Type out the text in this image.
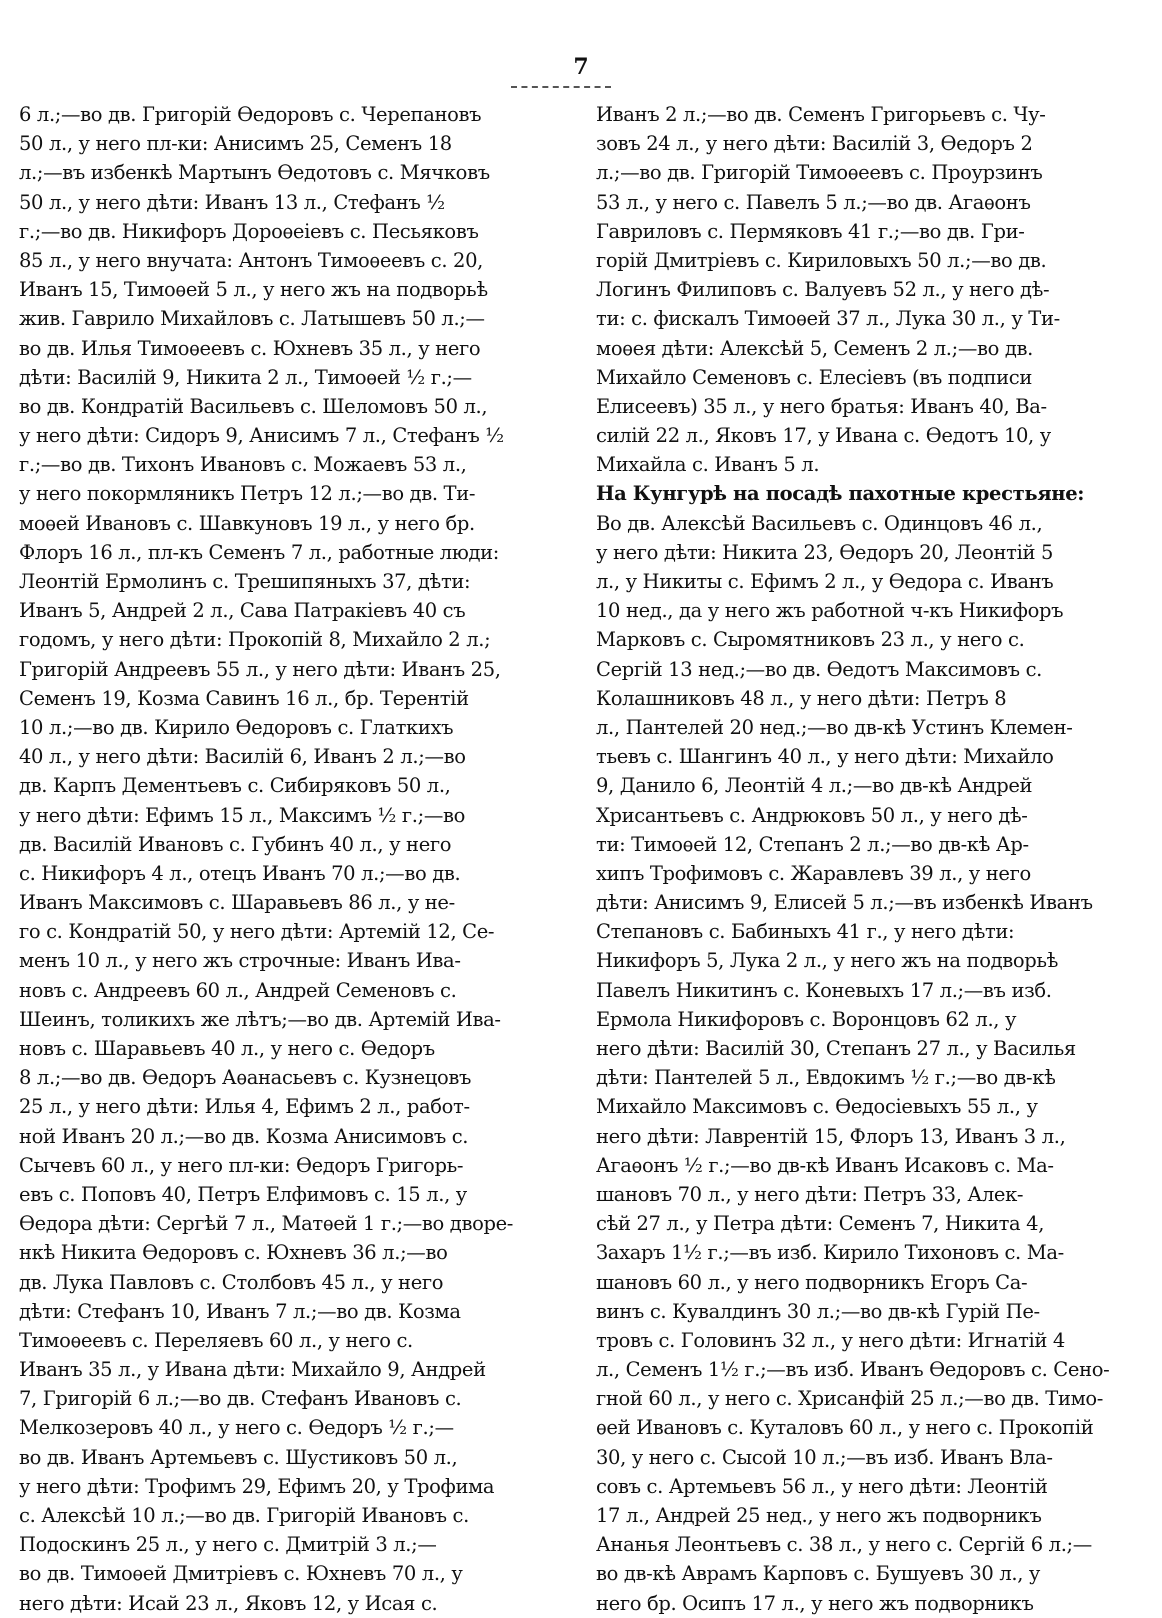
7
6 л.;—во дв. Григорій Ѳедоровъ с. Черепановъ
50 л., у него пл-ки: Анисимъ 25, Семенъ 18
л.;—въ избенкѣ Мартынъ Ѳедотовъ с. Мячковъ
50 л., у него дѣти: Иванъ 13 л., Стефанъ ½
г.;—во дв. Никифоръ Дороѳеіевъ с. Песьяковъ
85 л., у него внучата: Антонъ Тимоѳеевъ с. 20,
Иванъ 15, Тимоѳей 5 л., у него жъ на подворьѣ
жив. Гаврило Михайловъ с. Латышевъ 50 л.;—
во дв. Илья Тимоѳеевъ с. Юхневъ 35 л., у него
дѣти: Василій 9, Никита 2 л., Тимоѳей ½ г.;—
во дв. Кондратій Васильевъ с. Шеломовъ 50 л.,
у него дѣти: Сидоръ 9, Анисимъ 7 л., Стефанъ ½
г.;—во дв. Тихонъ Ивановъ с. Можаевъ 53 л.,
у него покормляникъ Петръ 12 л.;—во дв. Ти-
моѳей Ивановъ с. Шавкуновъ 19 л., у него бр.
Флоръ 16 л., пл-къ Семенъ 7 л., работные люди:
Леонтій Ермолинъ с. Трешипяныхъ 37, дѣти:
Иванъ 5, Андрей 2 л., Сава Патракіевъ 40 съ
годомъ, у него дѣти: Прокопій 8, Михайло 2 л.;
Григорій Андреевъ 55 л., у него дѣти: Иванъ 25,
Семенъ 19, Козма Савинъ 16 л., бр. Терентій
10 л.;—во дв. Кирило Ѳедоровъ с. Глаткихъ
40 л., у него дѣти: Василій 6, Иванъ 2 л.;—во
дв. Карпъ Дементьевъ с. Сибиряковъ 50 л.,
у него дѣти: Ефимъ 15 л., Максимъ ½ г.;—во
дв. Василій Ивановъ с. Губинъ 40 л., у него
с. Никифоръ 4 л., отецъ Иванъ 70 л.;—во дв.
Иванъ Максимовъ с. Шаравьевъ 86 л., у не-
го с. Кондратій 50, у него дѣти: Артемій 12, Се-
менъ 10 л., у него жъ строчные: Иванъ Ива-
новъ с. Андреевъ 60 л., Андрей Семеновъ с.
Шеинъ, толикихъ же лѣтъ;—во дв. Артемій Ива-
новъ с. Шаравьевъ 40 л., у него с. Ѳедоръ
8 л.;—во дв. Ѳедоръ Аѳанасьевъ с. Кузнецовъ
25 л., у него дѣти: Илья 4, Ефимъ 2 л., работ-
ной Иванъ 20 л.;—во дв. Козма Анисимовъ с.
Сычевъ 60 л., у него пл-ки: Ѳедоръ Григорь-
евъ с. Поповъ 40, Петръ Елфимовъ с. 15 л., у
Ѳедора дѣти: Сергѣй 7 л., Матѳей 1 г.;—во дворе-
нкѣ Никита Ѳедоровъ с. Юхневъ 36 л.;—во
дв. Лука Павловъ с. Столбовъ 45 л., у него
дѣти: Стефанъ 10, Иванъ 7 л.;—во дв. Козма
Тимоѳеевъ с. Переляевъ 60 л., у него с.
Иванъ 35 л., у Ивана дѣти: Михайло 9, Андрей
7, Григорій 6 л.;—во дв. Стефанъ Ивановъ с.
Мелкозеровъ 40 л., у него с. Ѳедоръ ½ г.;—
во дв. Иванъ Артемьевъ с. Шустиковъ 50 л.,
у него дѣти: Трофимъ 29, Ефимъ 20, у Трофима
с. Алексѣй 10 л.;—во дв. Григорій Ивановъ с.
Подоскинъ 25 л., у него с. Дмитрій 3 л.;—
во дв. Тимоѳей Дмитріевъ с. Юхневъ 70 л., у
него дѣти: Исай 23 л., Яковъ 12, у Исая с.
Иванъ 2 л.;—во дв. Семенъ Григорьевъ с. Чу-
зовъ 24 л., у него дѣти: Василій 3, Ѳедоръ 2
л.;—во дв. Григорій Тимоѳеевъ с. Проурзинъ
53 л., у него с. Павелъ 5 л.;—во дв. Агаѳонъ
Гавриловъ с. Пермяковъ 41 г.;—во дв. Гри-
горій Дмитріевъ с. Кириловыхъ 50 л.;—во дв.
Логинъ Филиповъ с. Валуевъ 52 л., у него дѣ-
ти: с. фискалъ Тимоѳей 37 л., Лука 30 л., у Ти-
моѳея дѣти: Алексѣй 5, Семенъ 2 л.;—во дв.
Михайло Семеновъ с. Елесіевъ (въ подписи
Елисеевъ) 35 л., у него братья: Иванъ 40, Ва-
силій 22 л., Яковъ 17, у Ивана с. Ѳедотъ 10, у
Михайла с. Иванъ 5 л.
На Кунгурѣ на посадѣ пахотные крестьяне:
Во дв. Алексѣй Васильевъ с. Одинцовъ 46 л.,
у него дѣти: Никита 23, Ѳедоръ 20, Леонтій 5
л., у Никиты с. Ефимъ 2 л., у Ѳедора с. Иванъ
10 нед., да у него жъ работной ч-къ Никифоръ
Марковъ с. Сыромятниковъ 23 л., у него с.
Сергій 13 нед.;—во дв. Ѳедотъ Максимовъ с.
Колашниковъ 48 л., у него дѣти: Петръ 8
л., Пантелей 20 нед.;—во дв-кѣ Устинъ Клемен-
тьевъ с. Шангинъ 40 л., у него дѣти: Михайло
9, Данило 6, Леонтій 4 л.;—во дв-кѣ Андрей
Хрисантьевъ с. Андрюковъ 50 л., у него дѣ-
ти: Тимоѳей 12, Степанъ 2 л.;—во дв-кѣ Ар-
хипъ Трофимовъ с. Жаравлевъ 39 л., у него
дѣти: Анисимъ 9, Елисей 5 л.;—въ избенкѣ Иванъ
Степановъ с. Бабиныхъ 41 г., у него дѣти:
Никифоръ 5, Лука 2 л., у него жъ на подворьѣ
Павелъ Никитинъ с. Коневыхъ 17 л.;—въ изб.
Ермола Никифоровъ с. Воронцовъ 62 л., у
него дѣти: Василій 30, Степанъ 27 л., у Василья
дѣти: Пантелей 5 л., Евдокимъ ½ г.;—во дв-кѣ
Михайло Максимовъ с. Ѳедосіевыхъ 55 л., у
него дѣти: Лаврентій 15, Флоръ 13, Иванъ 3 л.,
Агаѳонъ ½ г.;—во дв-кѣ Иванъ Исаковъ с. Ма-
шановъ 70 л., у него дѣти: Петръ 33, Алек-
сѣй 27 л., у Петра дѣти: Семенъ 7, Никита 4,
Захаръ 1½ г.;—въ изб. Кирило Тихоновъ с. Ма-
шановъ 60 л., у него подворникъ Егоръ Са-
винъ с. Кувалдинъ 30 л.;—во дв-кѣ Гурій Пе-
тровъ с. Головинъ 32 л., у него дѣти: Игнатій 4
л., Семенъ 1½ г.;—въ изб. Иванъ Ѳедоровъ с. Сено-
гной 60 л., у него с. Хрисанфій 25 л.;—во дв. Тимо-
ѳей Ивановъ с. Куталовъ 60 л., у него с. Прокопій
30, у него с. Сысой 10 л.;—въ изб. Иванъ Вла-
совъ с. Артемьевъ 56 л., у него дѣти: Леонтій
17 л., Андрей 25 нед., у него жъ подворникъ
Ананья Леонтьевъ с. 38 л., у него с. Сергій 6 л.;—
во дв-кѣ Аврамъ Карповъ с. Бушуевъ 30 л., у
него бр. Осипъ 17 л., у него жъ подворникъ
